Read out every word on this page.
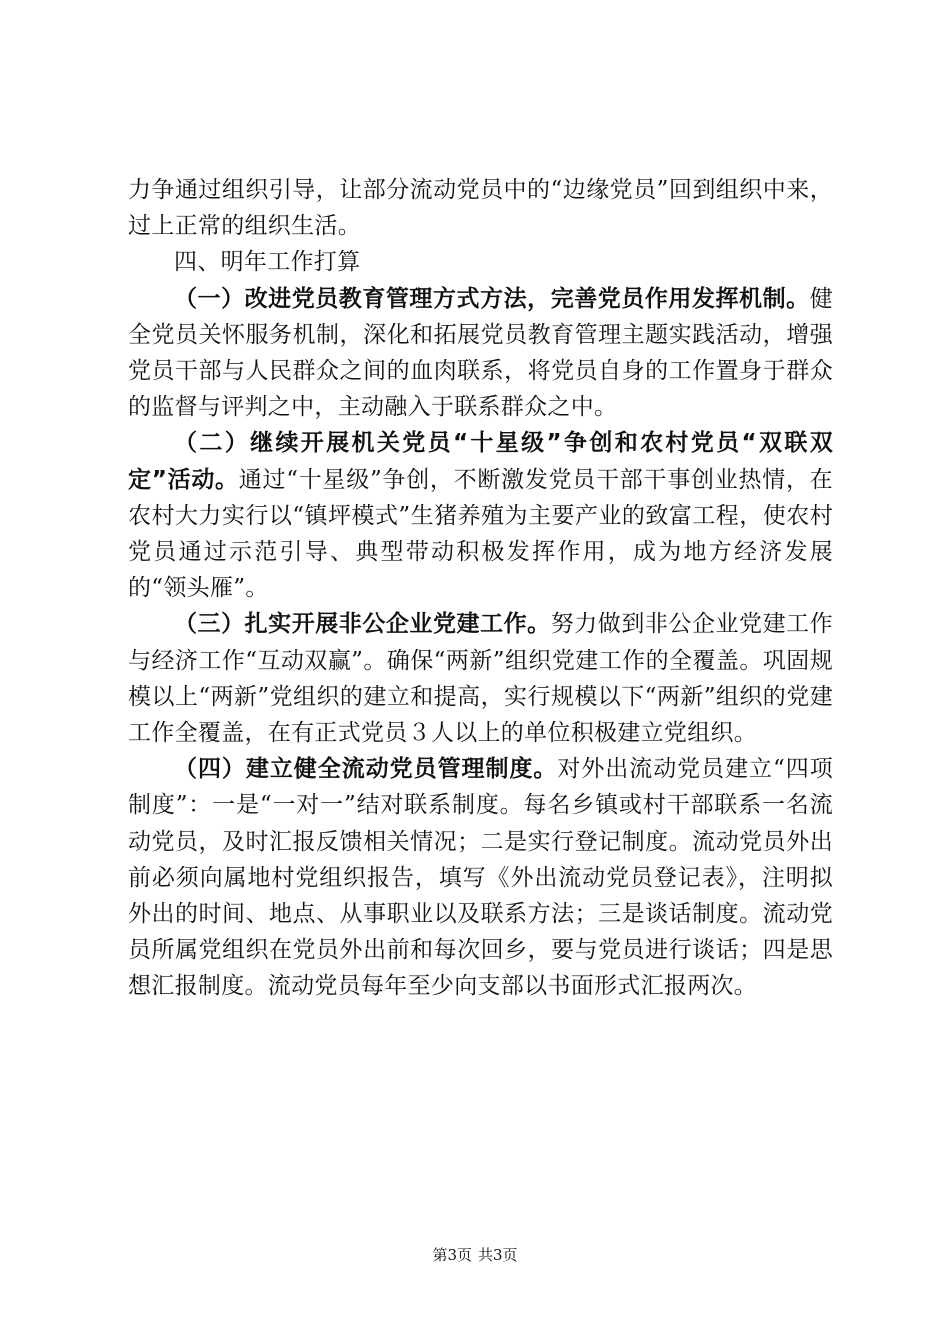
力争通过组织引导，让部分流动党员中的“边缘党员”回到组织中来，过上正常的组织生活。

四、明年工作打算

（一）改进党员教育管理方式方法，完善党员作用发挥机制。健全党员关怀服务机制，深化和拓展党员教育管理主题实践活动，增强党员干部与人民群众之间的血肉联系，将党员自身的工作置身于群众的监督与评判之中，主动融入于联系群众之中。

（二）继续开展机关党员“十星级”争创和农村党员“双联双定”活动。通过“十星级”争创，不断激发党员干部干事创业热情，在农村大力实行以“镇坪模式”生猪养殖为主要产业的致富工程，使农村党员通过示范引导、典型带动积极发挥作用，成为地方经济发展的“领头雁”。

（三）扎实开展非公企业党建工作。努力做到非公企业党建工作与经济工作“互动双赢”。确保“两新”组织党建工作的全覆盖。巩固规模以上“两新”党组织的建立和提高，实行规模以下“两新”组织的党建工作全覆盖，在有正式党员３人以上的单位积极建立党组织。

（四）建立健全流动党员管理制度。对外出流动党员建立“四项制度”：一是“一对一”结对联系制度。每名乡镇或村干部联系一名流动党员，及时汇报反馈相关情况；二是实行登记制度。流动党员外出前必须向属地村党组织报告，填写《外出流动党员登记表》，注明拟外出的时间、地点、从事职业以及联系方法；三是谈话制度。流动党员所属党组织在党员外出前和每次回乡，要与党员进行谈话；四是思想汇报制度。流动党员每年至少向支部以书面形式汇报两次。

第3页 共3页
